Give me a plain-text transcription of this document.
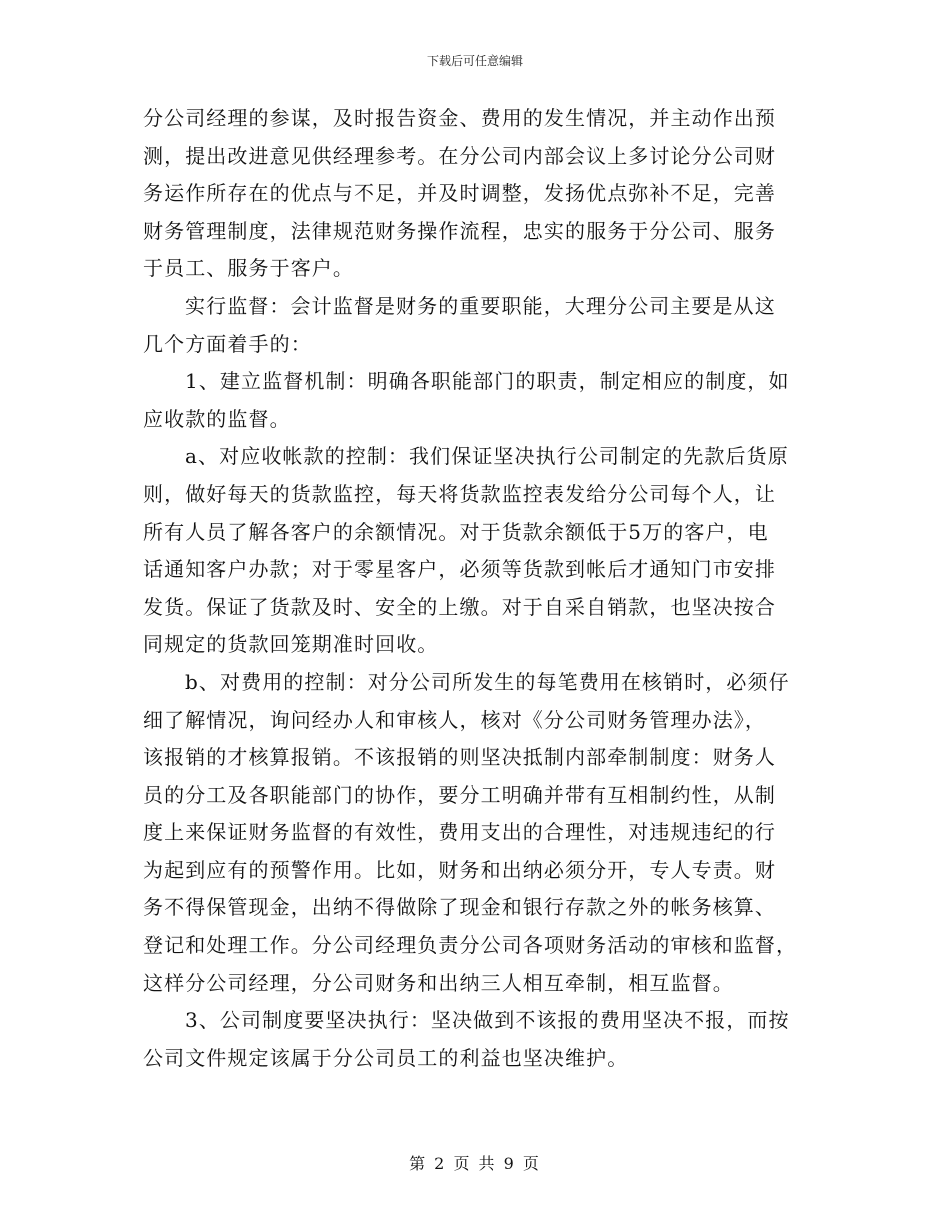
下载后可任意编辑
分公司经理的参谋，及时报告资金、费用的发生情况，并主动作出预
测，提出改进意见供经理参考。在分公司内部会议上多讨论分公司财
务运作所存在的优点与不足，并及时调整，发扬优点弥补不足，完善
财务管理制度，法律规范财务操作流程，忠实的服务于分公司、服务
于员工、服务于客户。
实行监督：会计监督是财务的重要职能，大理分公司主要是从这
几个方面着手的：
1、建立监督机制：明确各职能部门的职责，制定相应的制度，如
应收款的监督。
a、对应收帐款的控制：我们保证坚决执行公司制定的先款后货原
则，做好每天的货款监控，每天将货款监控表发给分公司每个人，让
所有人员了解各客户的余额情况。对于货款余额低于5万的客户，电
话通知客户办款；对于零星客户，必须等货款到帐后才通知门市安排
发货。保证了货款及时、安全的上缴。对于自采自销款，也坚决按合
同规定的货款回笼期准时回收。
b、对费用的控制：对分公司所发生的每笔费用在核销时，必须仔
细了解情况，询问经办人和审核人，核对《分公司财务管理办法》，
该报销的才核算报销。不该报销的则坚决抵制内部牵制制度：财务人
员的分工及各职能部门的协作，要分工明确并带有互相制约性，从制
度上来保证财务监督的有效性，费用支出的合理性，对违规违纪的行
为起到应有的预警作用。比如，财务和出纳必须分开，专人专责。财
务不得保管现金，出纳不得做除了现金和银行存款之外的帐务核算、
登记和处理工作。分公司经理负责分公司各项财务活动的审核和监督，
这样分公司经理，分公司财务和出纳三人相互牵制，相互监督。
3、公司制度要坚决执行：坚决做到不该报的费用坚决不报，而按
公司文件规定该属于分公司员工的利益也坚决维护。
第 2 页 共 9 页
